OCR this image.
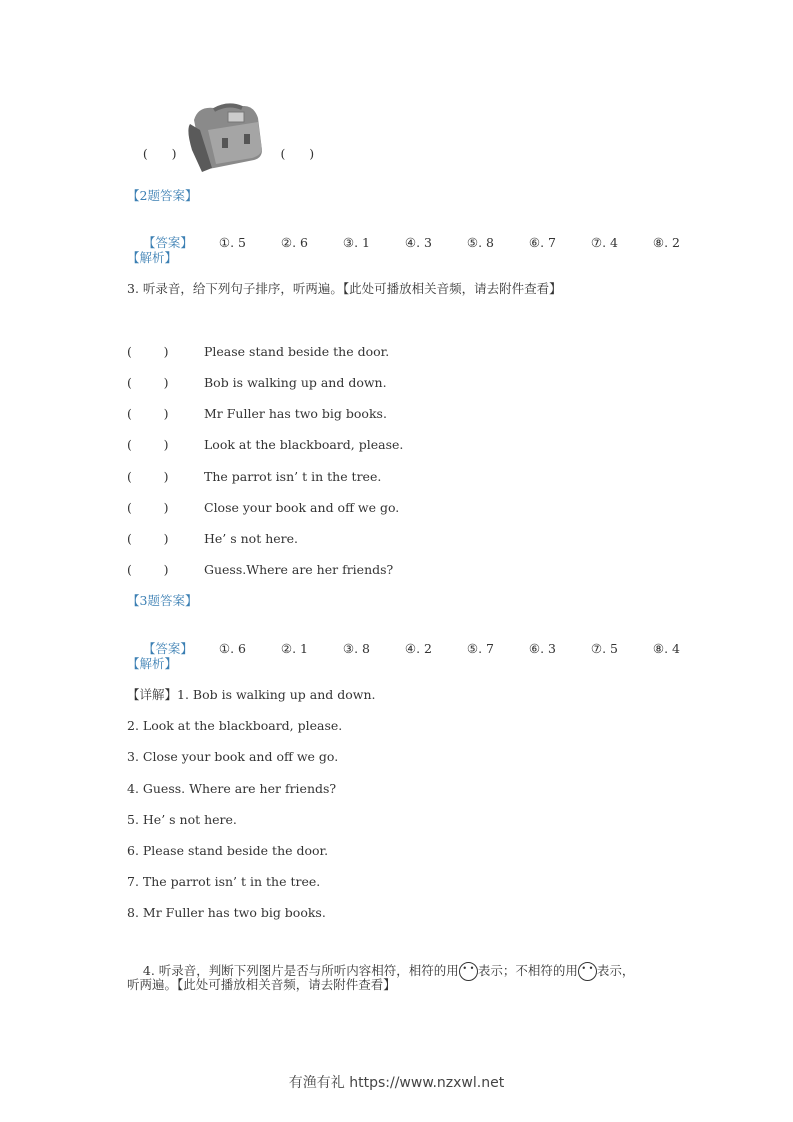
(      )	(      )

【2题答案】

【答案】 ①. 5	②. 6	③. 1	④. 3	⑤. 8	⑥. 7	⑦. 4	⑧. 2

【解析】
3. 听录音，给下列句子排序，听两遍。【此处可播放相关音频，请去附件查看】
(        )	Please stand beside the door.
(        )	Bob is walking up and down.
(        )	Mr Fuller has two big books.
(        )	Look at the blackboard, please.
(        )	The parrot isn’ t in the tree.
(        )	Close your book and off we go.
(        )	He’ s not here.
(        )	Guess.Where are her friends?
【3题答案】

【答案】 ①. 6	②. 1	③. 8	④. 2	⑤. 7	⑥. 3	⑦. 5	⑧. 4

【解析】
【详解】1. Bob is walking up and down.
2. Look at the blackboard, please.
3. Close your book and off we go.
4. Guess. Where are her friends?
5. He’ s not here.
6. Please stand beside the door.
7. The parrot isn’ t in the tree.
8. Mr Fuller has two big books.

4. 听录音，判断下列图片是否与所听内容相符，相符的用 • • 表示；不相符的用 • • 表示，

听两遍。【此处可播放相关音频，请去附件查看】
有渔有礼 https://www.nzxwl.net
